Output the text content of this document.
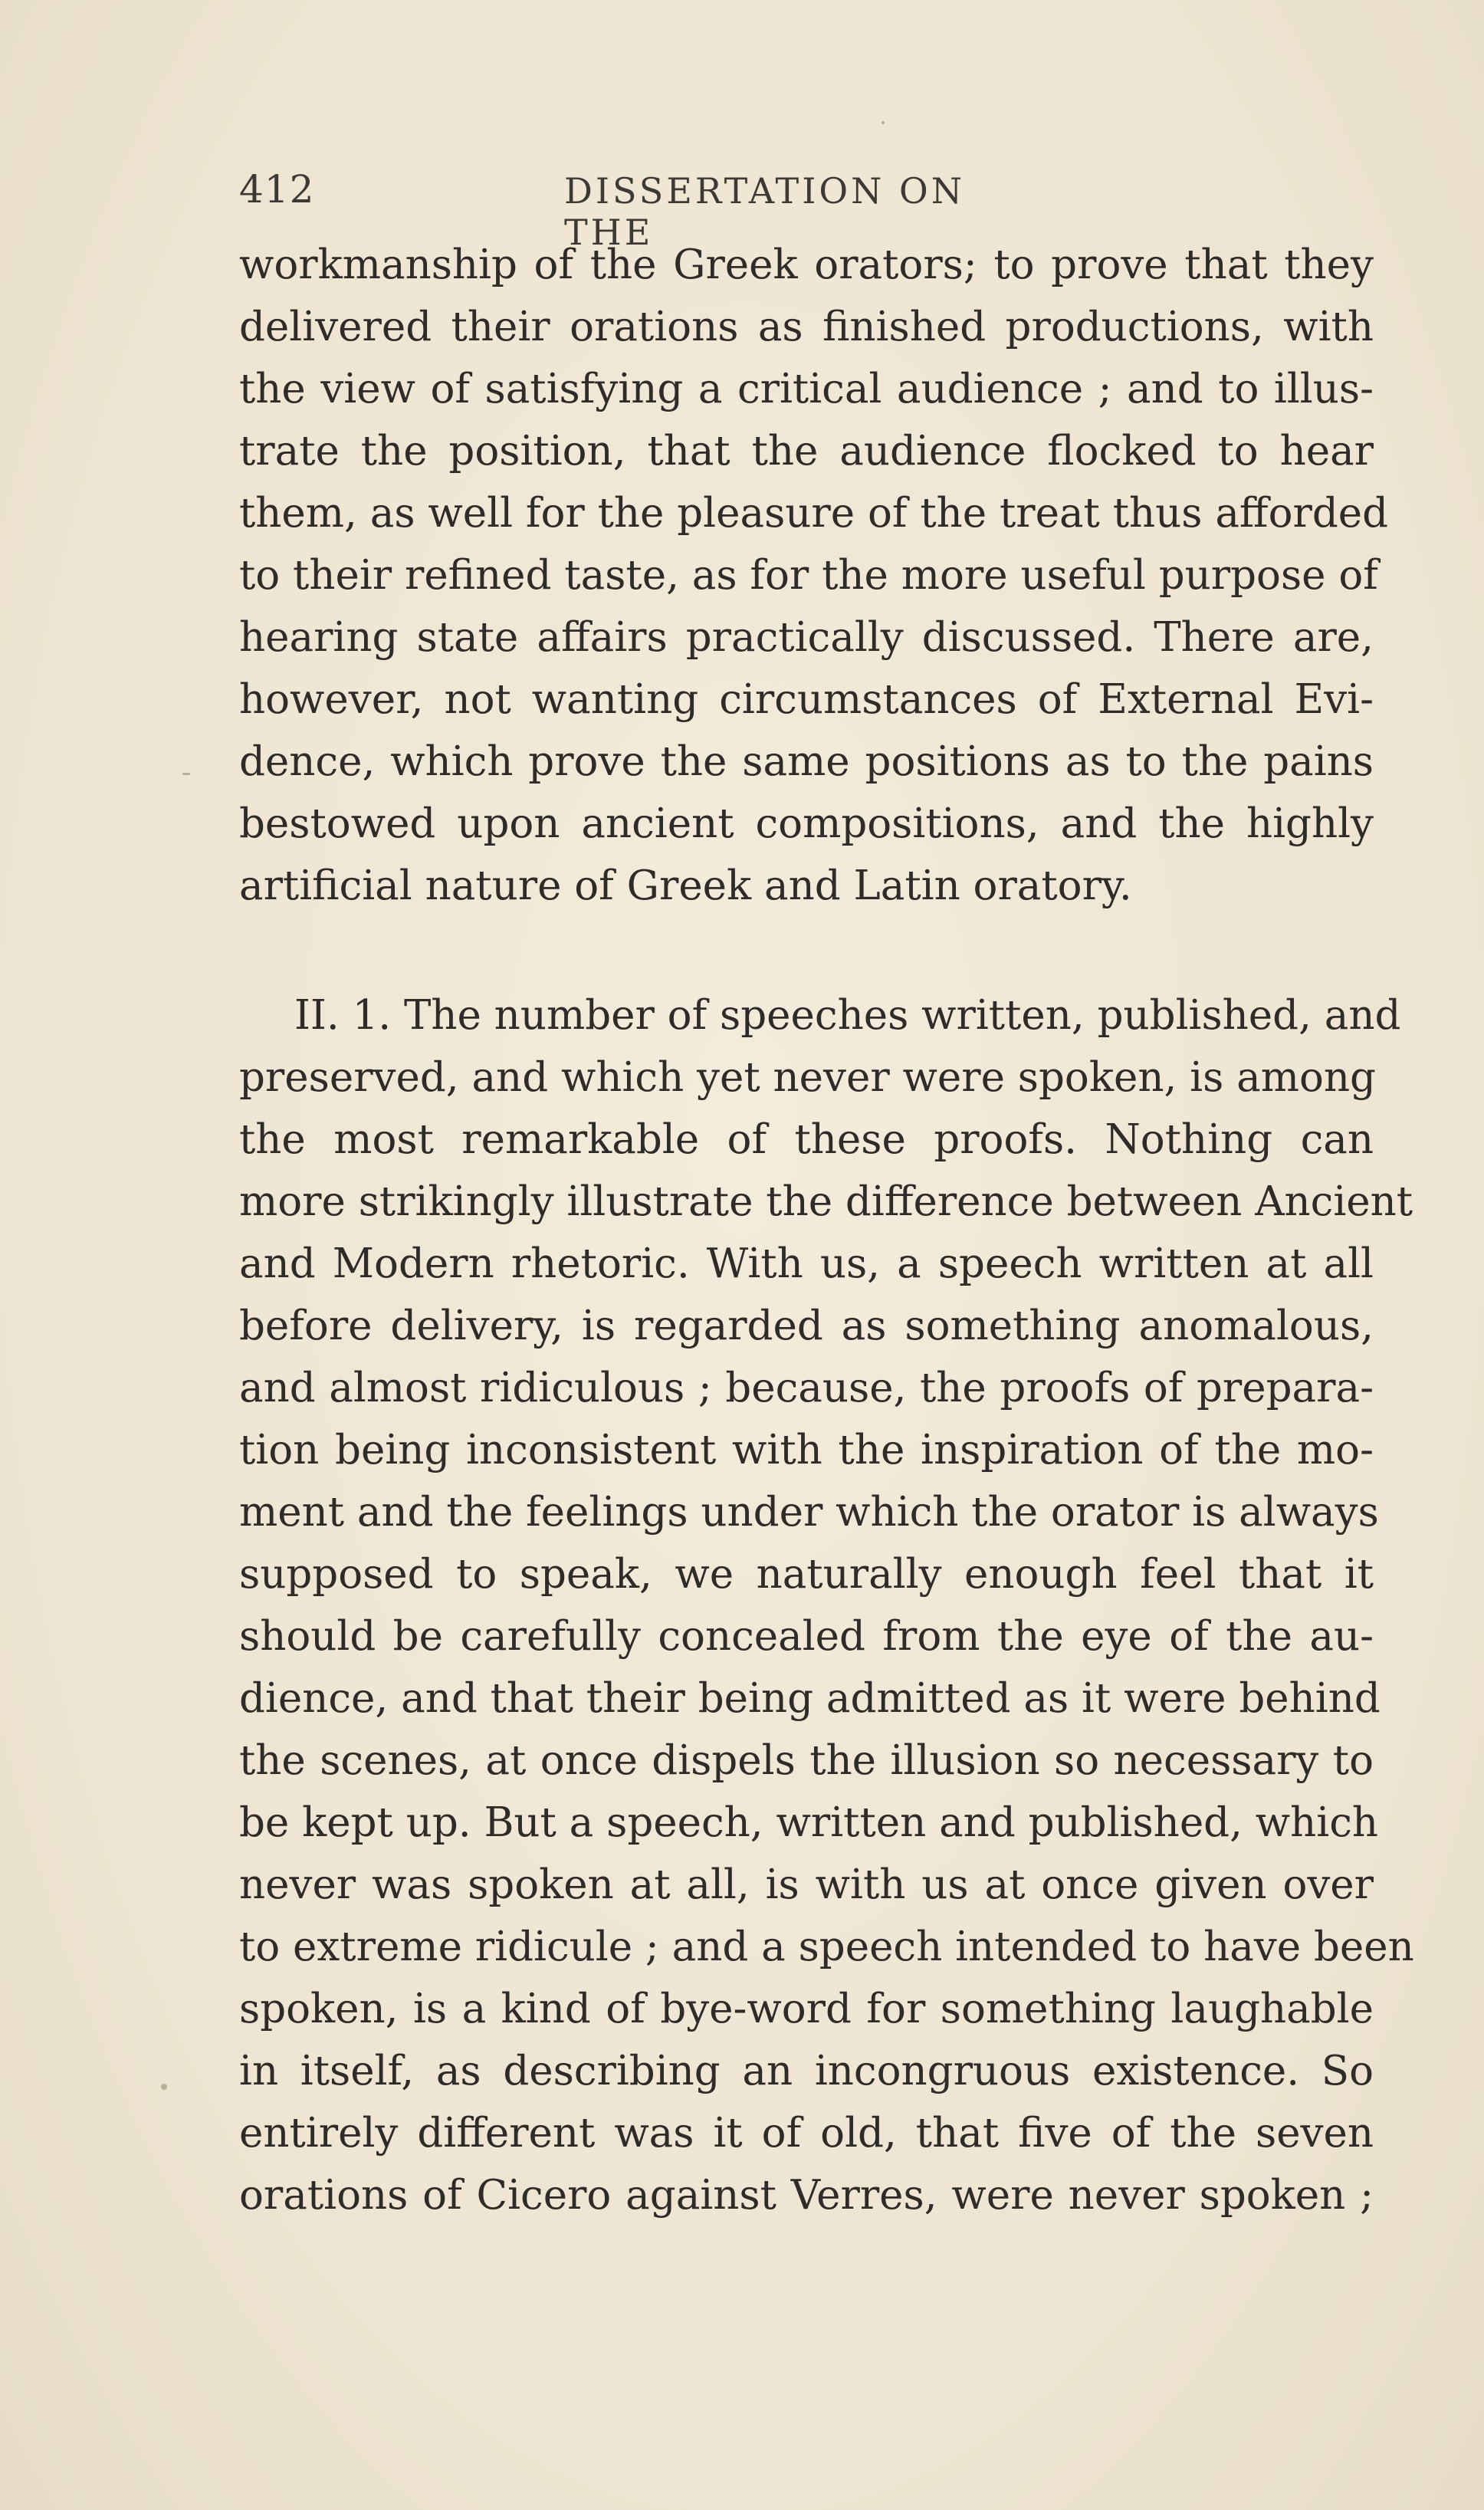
412	DISSERTATION ON THE
workmanship of the Greek orators; to prove that they
delivered their orations as finished productions, with
the view of satisfying a critical audience ; and to illus-
trate the position, that the audience flocked to hear
them, as well for the pleasure of the treat thus afforded
to their refined taste, as for the more useful purpose of
hearing state affairs practically discussed. There are,
however, not wanting circumstances of External Evi-
dence, which prove the same positions as to the pains
bestowed upon ancient compositions, and the highly
artificial nature of Greek and Latin oratory.
II. 1. The number of speeches written, published, and
preserved, and which yet never were spoken, is among
the most remarkable of these proofs. Nothing can
more strikingly illustrate the difference between Ancient
and Modern rhetoric. With us, a speech written at all
before delivery, is regarded as something anomalous,
and almost ridiculous ; because, the proofs of prepara-
tion being inconsistent with the inspiration of the mo-
ment and the feelings under which the orator is always
supposed to speak, we naturally enough feel that it
should be carefully concealed from the eye of the au-
dience, and that their being admitted as it were behind
the scenes, at once dispels the illusion so necessary to
be kept up. But a speech, written and published, which
never was spoken at all, is with us at once given over
to extreme ridicule ; and a speech intended to have been
spoken, is a kind of bye-word for something laughable
in itself, as describing an incongruous existence. So
entirely different was it of old, that five of the seven
orations of Cicero against Verres, were never spoken ;
